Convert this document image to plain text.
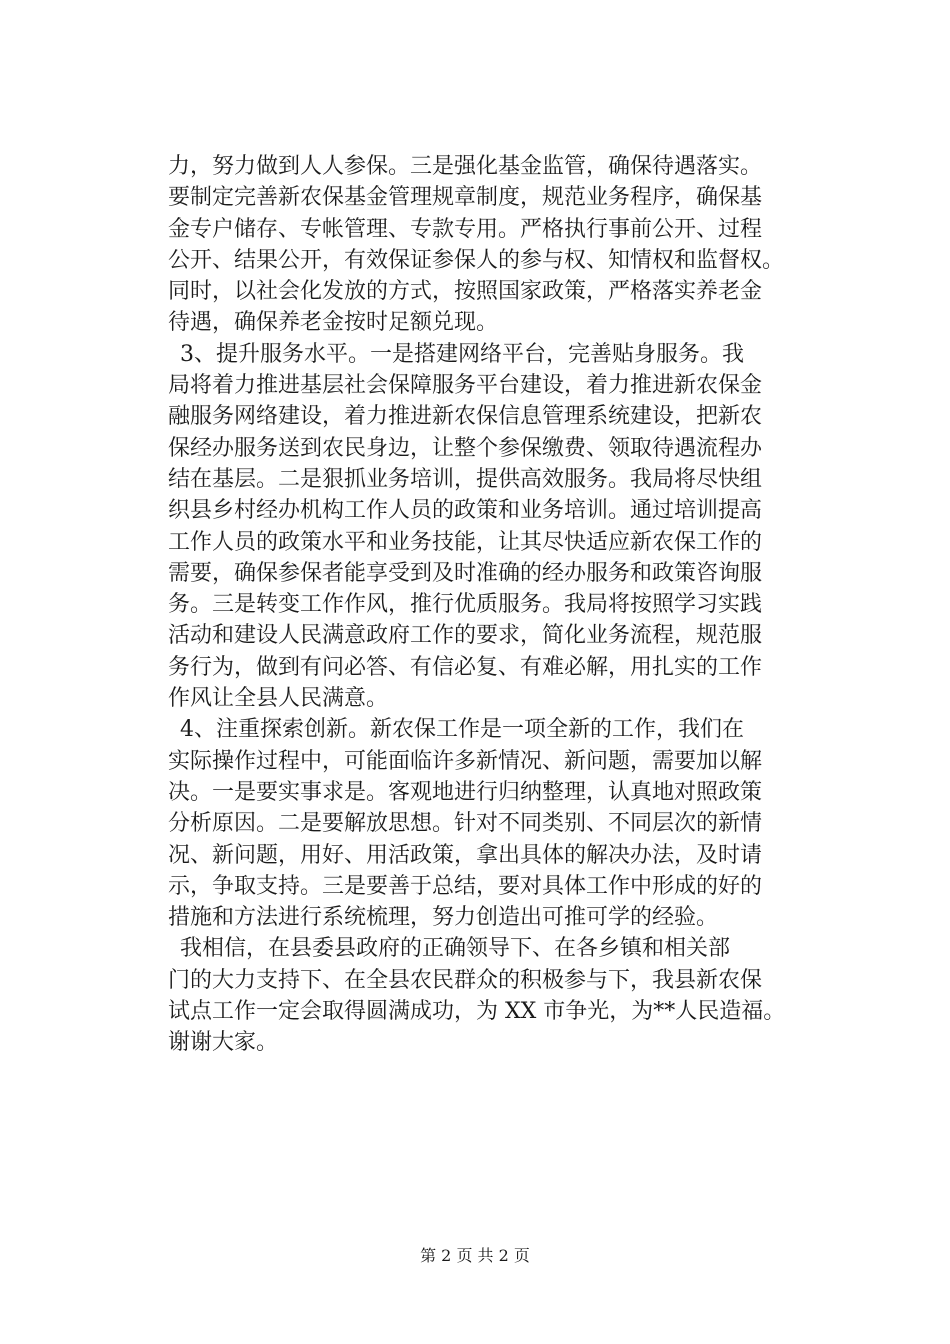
力，努力做到人人参保。三是强化基金监管，确保待遇落实。
要制定完善新农保基金管理规章制度，规范业务程序，确保基
金专户储存、专帐管理、专款专用。严格执行事前公开、过程
公开、结果公开，有效保证参保人的参与权、知情权和监督权。
同时，以社会化发放的方式，按照国家政策，严格落实养老金
待遇，确保养老金按时足额兑现。
3、提升服务水平。一是搭建网络平台，完善贴身服务。我
局将着力推进基层社会保障服务平台建设，着力推进新农保金
融服务网络建设，着力推进新农保信息管理系统建设，把新农
保经办服务送到农民身边，让整个参保缴费、领取待遇流程办
结在基层。二是狠抓业务培训，提供高效服务。我局将尽快组
织县乡村经办机构工作人员的政策和业务培训。通过培训提高
工作人员的政策水平和业务技能，让其尽快适应新农保工作的
需要，确保参保者能享受到及时准确的经办服务和政策咨询服
务。三是转变工作作风，推行优质服务。我局将按照学习实践
活动和建设人民满意政府工作的要求，简化业务流程，规范服
务行为，做到有问必答、有信必复、有难必解，用扎实的工作
作风让全县人民满意。
4、注重探索创新。新农保工作是一项全新的工作，我们在
实际操作过程中，可能面临许多新情况、新问题，需要加以解
决。一是要实事求是。客观地进行归纳整理，认真地对照政策
分析原因。二是要解放思想。针对不同类别、不同层次的新情
况、新问题，用好、用活政策，拿出具体的解决办法，及时请
示，争取支持。三是要善于总结，要对具体工作中形成的好的
措施和方法进行系统梳理，努力创造出可推可学的经验。
我相信，在县委县政府的正确领导下、在各乡镇和相关部
门的大力支持下、在全县农民群众的积极参与下，我县新农保
试点工作一定会取得圆满成功，为 XX 市争光，为**人民造福。
谢谢大家。
第 2 页 共 2 页
